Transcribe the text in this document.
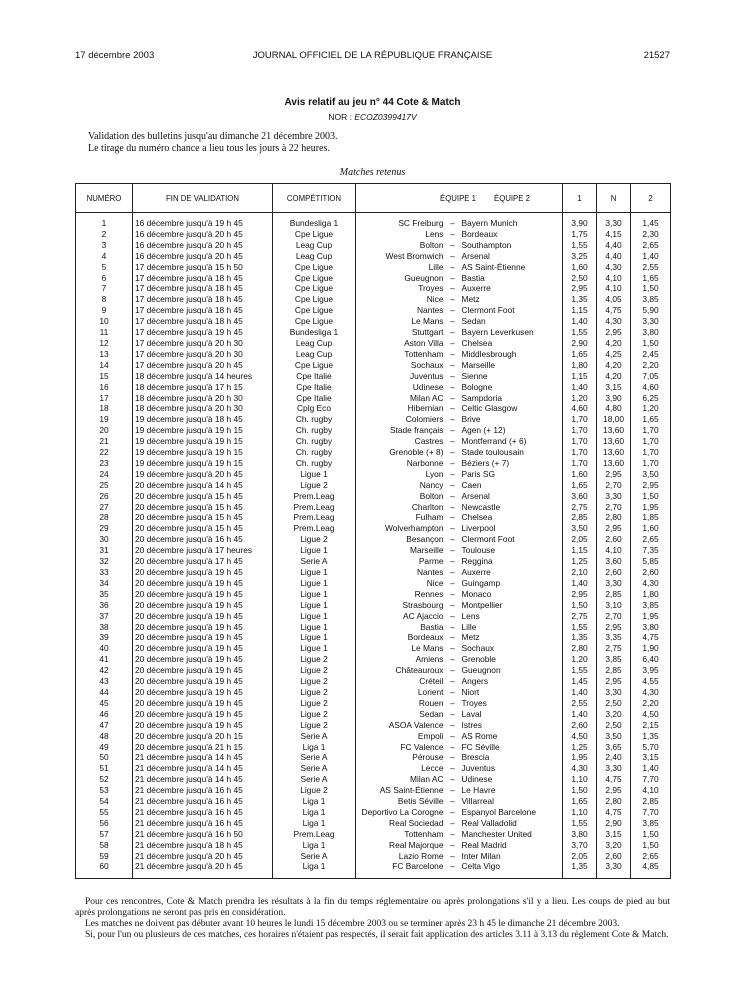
17 décembre 2003	JOURNAL OFFICIEL DE LA RÉPUBLIQUE FRANÇAISE	21527
Avis relatif au jeu n° 44 Cote & Match
NOR : ECOZ0399417V
Validation des bulletins jusqu'au dimanche 21 décembre 2003.
Le tirage du numéro chance a lieu tous les jours à 22 heures.
Matches retenus
NUMÉRO	FIN DE VALIDATION	COMPÉTITION	ÉQUIPE 1 ÉQUIPE 2			1	N	2
1	16 décembre jusqu'à 19 h 45	Bundesliga 1	SC Freiburg	–	Bayern Munich	3,90	3,30	1,45
2	16 décembre jusqu'à 20 h 45	Cpe Ligue	Lens	–	Bordeaux	1,75	4,15	2,30
3	16 décembre jusqu'à 20 h 45	Leag Cup	Bolton	–	Southampton	1,55	4,40	2,65
4	16 décembre jusqu'à 20 h 45	Leag Cup	West Bromwich	–	Arsenal	3,25	4,40	1,40
5	17 décembre jusqu'à 15 h 50	Cpe Ligue	Lille	–	AS Saint-Étienne	1,60	4,30	2,55
6	17 décembre jusqu'à 18 h 45	Cpe Ligue	Gueugnon	–	Bastia	2,50	4,10	1,65
7	17 décembre jusqu'à 18 h 45	Cpe Ligue	Troyes	–	Auxerre	2,95	4,10	1,50
8	17 décembre jusqu'à 18 h 45	Cpe Ligue	Nice	–	Metz	1,35	4,05	3,85
9	17 décembre jusqu'à 18 h 45	Cpe Ligue	Nantes	–	Clermont Foot	1,15	4,75	5,90
10	17 décembre jusqu'à 18 h 45	Cpe Ligue	Le Mans	–	Sedan	1,40	4,30	3,30
11	17 décembre jusqu'à 19 h 45	Bundesliga 1	Stuttgart	–	Bayern Leverkusen	1,55	2,95	3,80
12	17 décembre jusqu'à 20 h 30	Leag Cup	Aston Villa	–	Chelsea	2,90	4,20	1,50
13	17 décembre jusqu'à 20 h 30	Leag Cup	Tottenham	–	Middlesbrough	1,65	4,25	2,45
14	17 décembre jusqu'à 20 h 45	Cpe Ligue	Sochaux	–	Marseille	1,80	4,20	2,20
15	18 décembre jusqu'à 14 heures	Cpe Italie	Juventus	–	Sienne	1,15	4,20	7,05
16	18 décembre jusqu'à 17 h 15	Cpe Italie	Udinese	–	Bologne	1,40	3,15	4,60
17	18 décembre jusqu'à 20 h 30	Cpe Italie	Milan AC	–	Sampdoria	1,20	3,90	6,25
18	18 décembre jusqu'à 20 h 30	Cplg Eco	Hibernian	–	Celtic Glasgow	4,60	4,80	1,20
19	19 décembre jusqu'à 18 h 45	Ch. rugby	Colomiers	–	Brive	1,70	18,00	1,65
20	19 décembre jusqu'à 19 h 15	Ch. rugby	Stade français	–	Agen (+ 12)	1,70	13,60	1,70
21	19 décembre jusqu'à 19 h 15	Ch. rugby	Castres	–	Montferrand (+ 6)	1,70	13,60	1,70
22	19 décembre jusqu'à 19 h 15	Ch. rugby	Grenoble (+ 8)	–	Stade toulousain	1,70	13,60	1,70
23	19 décembre jusqu'à 19 h 15	Ch. rugby	Narbonne	–	Béziers (+ 7)	1,70	13,60	1,70
24	19 décembre jusqu'à 20 h 45	Ligue 1	Lyon	–	Paris SG	1,60	2,95	3,50
25	20 décembre jusqu'à 14 h 45	Ligue 2	Nancy	–	Caen	1,65	2,70	2,95
26	20 décembre jusqu'à 15 h 45	Prem.Leag	Bolton	–	Arsenal	3,60	3,30	1,50
27	20 décembre jusqu'à 15 h 45	Prem.Leag	Charlton	–	Newcastle	2,75	2,70	1,95
28	20 décembre jusqu'à 15 h 45	Prem.Leag	Fulham	–	Chelsea	2,85	2,80	1,85
29	20 décembre jusqu'à 15 h 45	Prem.Leag	Wolverhampton	–	Liverpool	3,50	2,95	1,60
30	20 décembre jusqu'à 16 h 45	Ligue 2	Besançon	–	Clermont Foot	2,05	2,60	2,65
31	20 décembre jusqu'à 17 heures	Ligue 1	Marseille	–	Toulouse	1,15	4,10	7,35
32	20 décembre jusqu'à 17 h 45	Serie A	Parme	–	Reggina	1,25	3,60	5,85
33	20 décembre jusqu'à 19 h 45	Ligue 1	Nantes	–	Auxerre	2,10	2,60	2,60
34	20 décembre jusqu'à 19 h 45	Ligue 1	Nice	–	Guingamp	1,40	3,30	4,30
35	20 décembre jusqu'à 19 h 45	Ligue 1	Rennes	–	Monaco	2,95	2,85	1,80
36	20 décembre jusqu'à 19 h 45	Ligue 1	Strasbourg	–	Montpellier	1,50	3,10	3,85
37	20 décembre jusqu'à 19 h 45	Ligue 1	AC Ajaccio	–	Lens	2,75	2,70	1,95
38	20 décembre jusqu'à 19 h 45	Ligue 1	Bastia	–	Lille	1,55	2,95	3,80
39	20 décembre jusqu'à 19 h 45	Ligue 1	Bordeaux	–	Metz	1,35	3,35	4,75
40	20 décembre jusqu'à 19 h 45	Ligue 1	Le Mans	–	Sochaux	2,80	2,75	1,90
41	20 décembre jusqu'à 19 h 45	Ligue 2	Amiens	–	Grenoble	1,20	3,85	6,40
42	20 décembre jusqu'à 19 h 45	Ligue 2	Châteauroux	–	Gueugnon	1,55	2,85	3,95
43	20 décembre jusqu'à 19 h 45	Ligue 2	Créteil	–	Angers	1,45	2,95	4,55
44	20 décembre jusqu'à 19 h 45	Ligue 2	Lorient	–	Niort	1,40	3,30	4,30
45	20 décembre jusqu'à 19 h 45	Ligue 2	Rouen	–	Troyes	2,55	2,50	2,20
46	20 décembre jusqu'à 19 h 45	Ligue 2	Sedan	–	Laval	1,40	3,20	4,50
47	20 décembre jusqu'à 19 h 45	Ligue 2	ASOA Valence	–	Istres	2,60	2,50	2,15
48	20 décembre jusqu'à 20 h 15	Serie A	Empoli	–	AS Rome	4,50	3,50	1,35
49	20 décembre jusqu'à 21 h 15	Liga 1	FC Valence	–	FC Séville	1,25	3,65	5,70
50	21 décembre jusqu'à 14 h 45	Serie A	Pérouse	–	Brescia	1,95	2,40	3,15
51	21 décembre jusqu'à 14 h 45	Serie A	Lecce	–	Juventus	4,30	3,30	1,40
52	21 décembre jusqu'à 14 h 45	Serie A	Milan AC	–	Udinese	1,10	4,75	7,70
53	21 décembre jusqu'à 16 h 45	Ligue 2	AS Saint-Étienne	–	Le Havre	1,50	2,95	4,10
54	21 décembre jusqu'à 16 h 45	Liga 1	Betis Séville	–	Villarreal	1,65	2,80	2,85
55	21 décembre jusqu'à 16 h 45	Liga 1	Deportivo La Corogne	–	Espanyol Barcelone	1,10	4,75	7,70
56	21 décembre jusqu'à 16 h 45	Liga 1	Real Sociedad	–	Real Valladolid	1,55	2,90	3,85
57	21 décembre jusqu'à 16 h 50	Prem.Leag	Tottenham	–	Manchester United	3,80	3,15	1,50
58	21 décembre jusqu'à 18 h 45	Liga 1	Real Majorque	–	Real Madrid	3,70	3,20	1,50
59	21 décembre jusqu'à 20 h 45	Serie A	Lazio Rome	–	Inter Milan	2,05	2,60	2,65
60	21 décembre jusqu'à 20 h 45	Liga 1	FC Barcelone	–	Celta Vigo	1,35	3,30	4,85

Pour ces rencontres, Cote & Match prendra les résultats à la fin du temps réglementaire ou après prolongations s'il y a lieu. Les coups de pied au but après prolongations ne seront pas pris en considération.

Les matches ne doivent pas débuter avant 10 heures le lundi 15 décembre 2003 ou se terminer après 23 h 45 le dimanche 21 décembre 2003.

Si, pour l'un ou plusieurs de ces matches, ces horaires n'étaient pas respectés, il serait fait application des articles 3.11 à 3.13 du règlement Cote & Match.
